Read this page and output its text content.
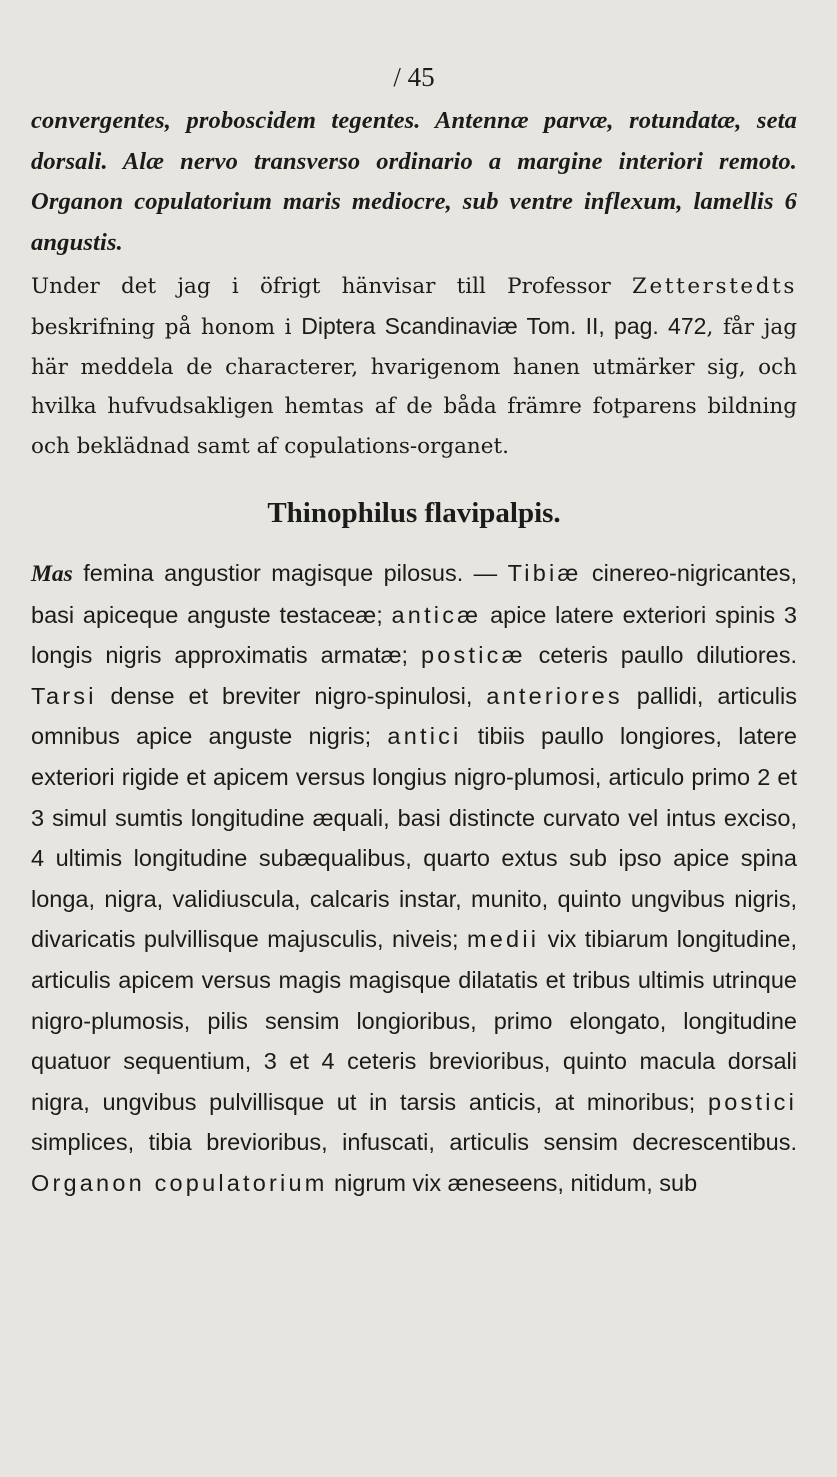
/ 45

convergentes, proboscidem tegentes. Antennæ parvæ, rotundatæ, seta dorsali. Alæ nervo transverso ordinario a margine interiori remoto. Organon copulatorium maris mediocre, sub ventre inflexum, lamellis 6 angustis.

Under det jag i öfrigt hänvisar till Professor Zetterstedts beskrifning på honom i Diptera Scandinaviæ Tom. II, pag. 472, får jag här meddela de characterer, hvarigenom hanen utmärker sig, och hvilka hufvudsakligen hemtas af de båda främre fotparens bildning och beklädnad samt af copulations-organet.

Thinophilus flavipalpis.

Mas femina angustior magisque pilosus. — Tibiæ cinereo-nigricantes, basi apiceque anguste testaceæ; anticæ apice latere exteriori spinis 3 longis nigris approximatis armatæ; posticæ ceteris paullo dilutiores. Tarsi dense et breviter nigro-spinulosi, anteriores pallidi, articulis omnibus apice anguste nigris; antici tibiis paullo longiores, latere exteriori rigide et apicem versus longius nigro-plumosi, articulo primo 2 et 3 simul sumtis longitudine æquali, basi distincte curvato vel intus exciso, 4 ultimis longitudine subæqualibus, quarto extus sub ipso apice spina longa, nigra, validiuscula, calcaris instar, munito, quinto ungvibus nigris, divaricatis pulvillisque majusculis, niveis; medii vix tibiarum longitudine, articulis apicem versus magis magisque dilatatis et tribus ultimis utrinque nigro-plumosis, pilis sensim longioribus, primo elongato, longitudine quatuor sequentium, 3 et 4 ceteris brevioribus, quinto macula dorsali nigra, ungvibus pulvillisque ut in tarsis anticis, at minoribus; postici simplices, tibia brevioribus, infuscati, articulis sensim decrescentibus. Organon copulatorium nigrum vix æneseens, nitidum, sub
